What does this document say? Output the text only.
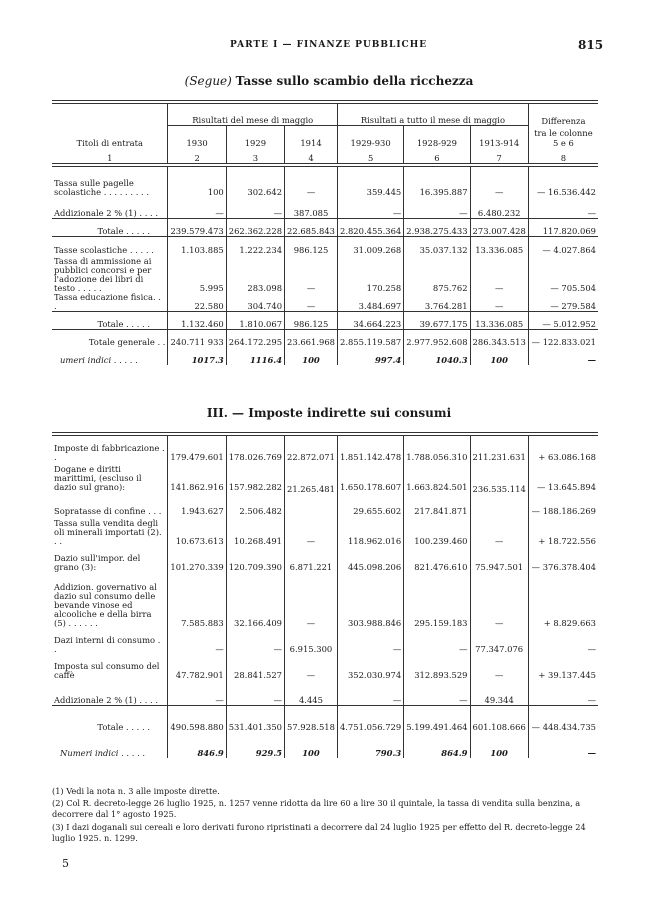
PARTE I — FINANZE PUBBLICHE	815
(Segue) Tasse sullo scambio della ricchezza

Titoli di entrata	Risultati del mese di maggio			Risultati a tutto il mese di maggio			Differenza
	1930	1929	1914	1929-930	1928-929	1913-914	tra le colonne
5 e 6
1	2	3	4	5	6	7	8

Tassa sulle pagelle scolastiche . . . . . . . . .	100	302.642	—	359.445	16.395.887	—	— 16.536.442
Addizionale 2 % (1) . . . .	—	—	387.085	—	—	6.480.232	—
Totale . . . . .	239.579.473	262.362.228	22.685.843	2.820.455.364	2.938.275.433	273.007.428	117.820.069
Tasse scolastiche . . . . .	1.103.885	1.222.234	986.125	31.009.268	35.037.132	13.336.085	— 4.027.864
Tassa di ammissione ai pubblici concorsi e per l'adozione dei libri di testo . . . . .	5.995	283.098	—	170.258	875.762	—	— 705.504
Tassa educazione fisica. . .	22.580	304.740	—	3.484.697	3.764.281	—	— 279.584
Totale . . . . .	1.132.460	1.810.067	986.125	34.664.223	39.677.175	13.336.085	— 5.012.952
Totale generale . .	240.711 933	264.172.295	23.661.968	2.855.119.587	2.977.952.608	286.343.513	— 122.833.021
umeri indici . . . . .	1017.3	1116.4	100	997.4	1040.3	100	—
III. — Imposte indirette sui consumi

Imposte di fabbricazione . .	179.479.601	178.026.769	22.872.071	1.851.142.478	1.788.056.310	211.231.631	+ 63.086.168
Dogane e diritti marittimi, (escluso il dazio sul grano):	141.862.916	157.982.282	21.265.481	1.650.178.607	1.663.824.501	236.535.114	— 13.645.894
Sopratasse di confine . . .	1.943.627	2.506.482		29.655.602	217.841.871		— 188.186.269
Tassa sulla vendita degli oli minerali importati (2). . .	10.673.613	10.268.491	—	118.962.016	100.239.460	—	+ 18.722.556
Dazio sull'impor. del grano (3):	101.270.339	120.709.390	6.871.221	445.098.206	821.476.610	75.947.501	— 376.378.404
Addizion. governativo al dazio sul consumo delle bevande vinose ed alcooliche e della birra (5) . . . . . .	7.585.883	32.166.409	—	303.988.846	295.159.183	—	+ 8.829.663
Dazi interni di consumo . .	—	—	6.915.300	—	—	77.347.076	—
Imposta sul consumo del caffè	47.782.901	28.841.527	—	352.030.974	312.893.529	—	+ 39.137.445
Addizionale 2 % (1) . . . .	—	—	4.445	—	—	49.344	—
Totale . . . . .	490.598.880	531.401.350	57.928.518	4.751.056.729	5.199.491.464	601.108.666	— 448.434.735
Numeri indici . . . . .	846.9	929.5	100	790.3	864.9	100	—
(1) Vedi la nota n. 3 alle imposte dirette.
(2) Col R. decreto-legge 26 luglio 1925, n. 1257 venne ridotta da lire 60 a lire 30 il quintale, la tassa di vendita sulla benzina, a decorrere dal 1° agosto 1925.
(3) I dazi doganali sui cereali e loro derivati furono ripristinati a decorrere dal 24 luglio 1925 per effetto del R. decreto-legge 24 luglio 1925. n. 1299.
5
